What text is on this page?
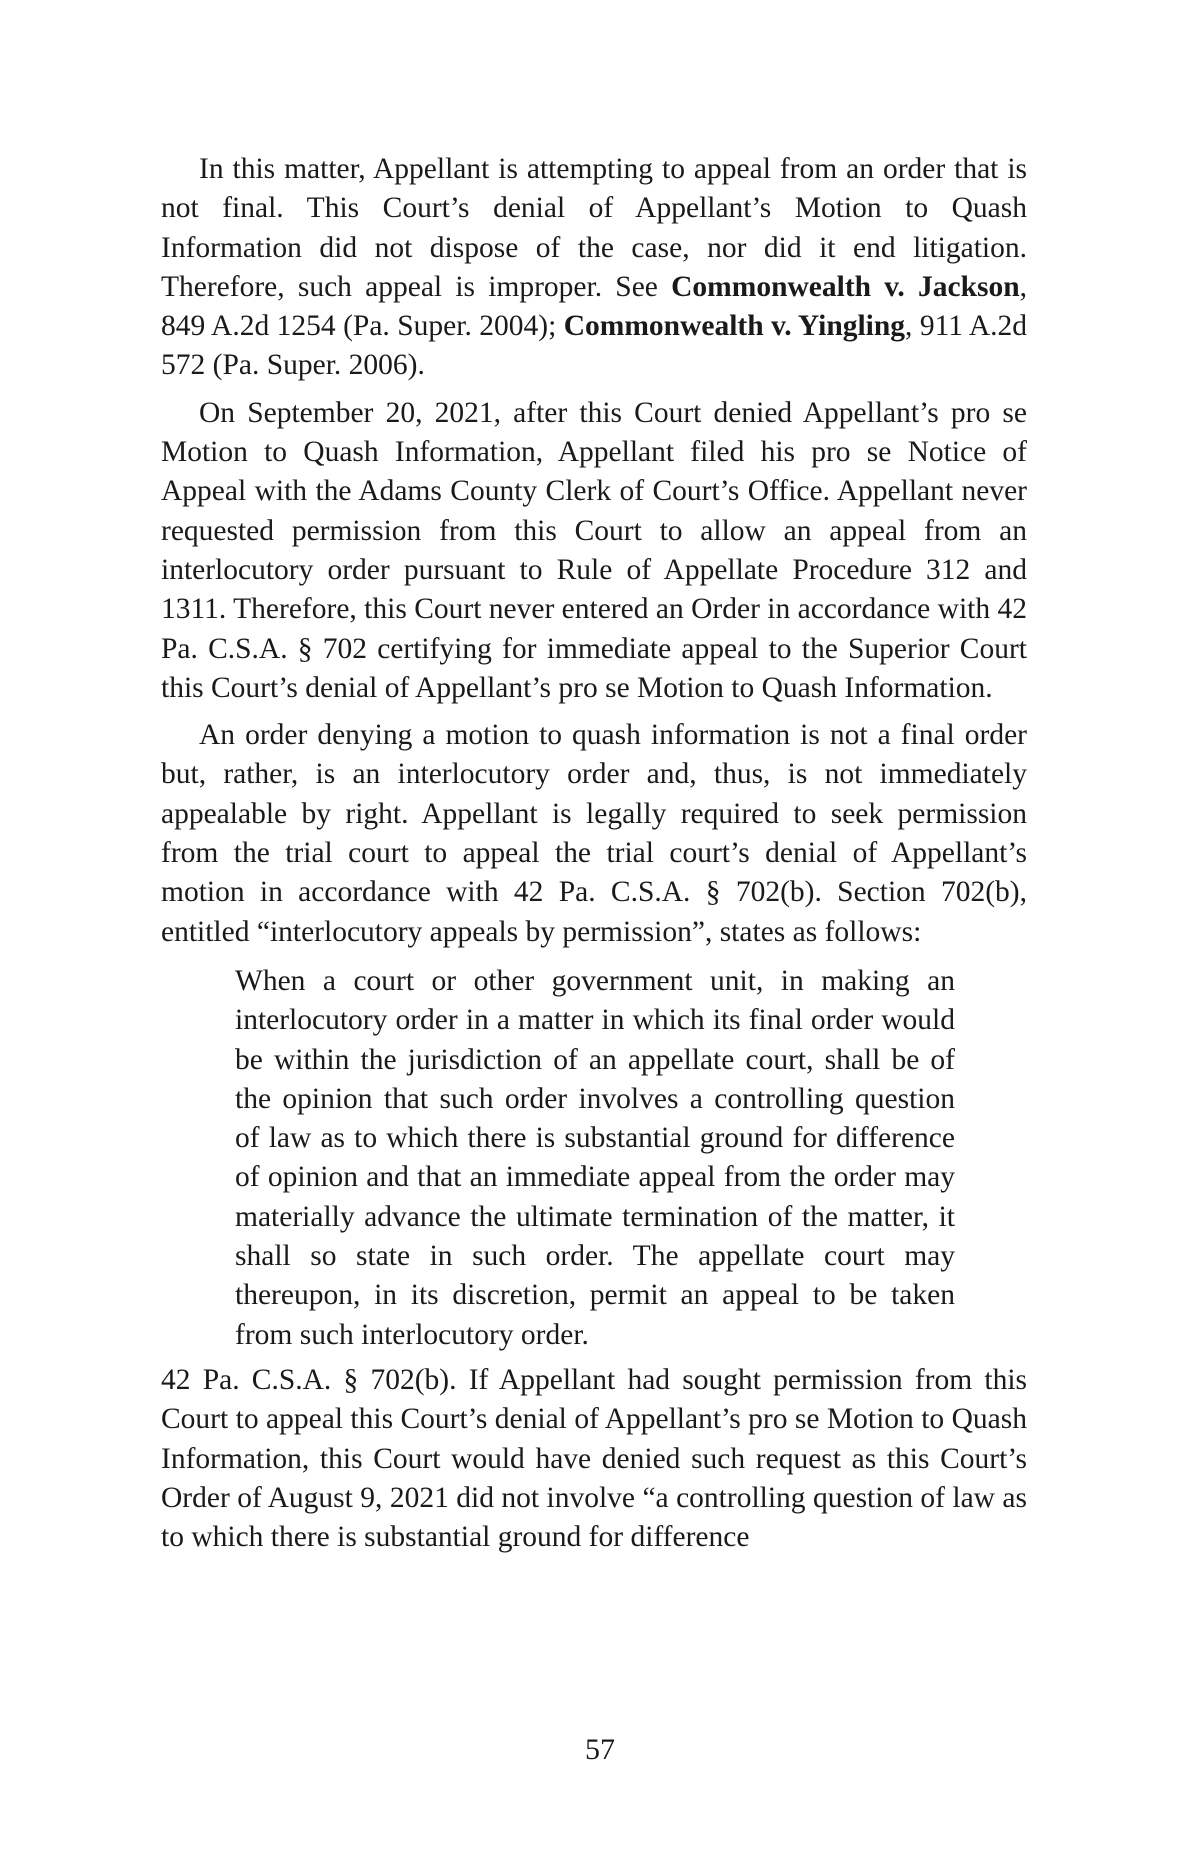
In this matter, Appellant is attempting to appeal from an order that is not final. This Court’s denial of Appellant’s Motion to Quash Information did not dispose of the case, nor did it end litigation. Therefore, such appeal is improper. See Commonwealth v. Jackson, 849 A.2d 1254 (Pa. Super. 2004); Commonwealth v. Yingling, 911 A.2d 572 (Pa. Super. 2006).

On September 20, 2021, after this Court denied Appellant’s pro se Motion to Quash Information, Appellant filed his pro se Notice of Appeal with the Adams County Clerk of Court’s Office. Appellant never requested permission from this Court to allow an appeal from an interlocutory order pursuant to Rule of Appellate Procedure 312 and 1311. Therefore, this Court never entered an Order in accordance with 42 Pa. C.S.A. § 702 certifying for immediate appeal to the Superior Court this Court’s denial of Appellant’s pro se Motion to Quash Information.

An order denying a motion to quash information is not a final order but, rather, is an interlocutory order and, thus, is not immediately appealable by right. Appellant is legally required to seek permission from the trial court to appeal the trial court’s denial of Appellant’s motion in accordance with 42 Pa. C.S.A. § 702(b). Section 702(b), entitled “interlocutory appeals by permission”, states as follows:

When a court or other government unit, in making an interlocutory order in a matter in which its final order would be within the jurisdiction of an appellate court, shall be of the opinion that such order involves a controlling question of law as to which there is substantial ground for difference of opinion and that an immediate appeal from the order may materially advance the ultimate termination of the matter, it shall so state in such order. The appellate court may thereupon, in its discretion, permit an appeal to be taken from such interlocutory order.

42 Pa. C.S.A. § 702(b). If Appellant had sought permission from this Court to appeal this Court’s denial of Appellant’s pro se Motion to Quash Information, this Court would have denied such request as this Court’s Order of August 9, 2021 did not involve “a controlling question of law as to which there is substantial ground for difference

57
